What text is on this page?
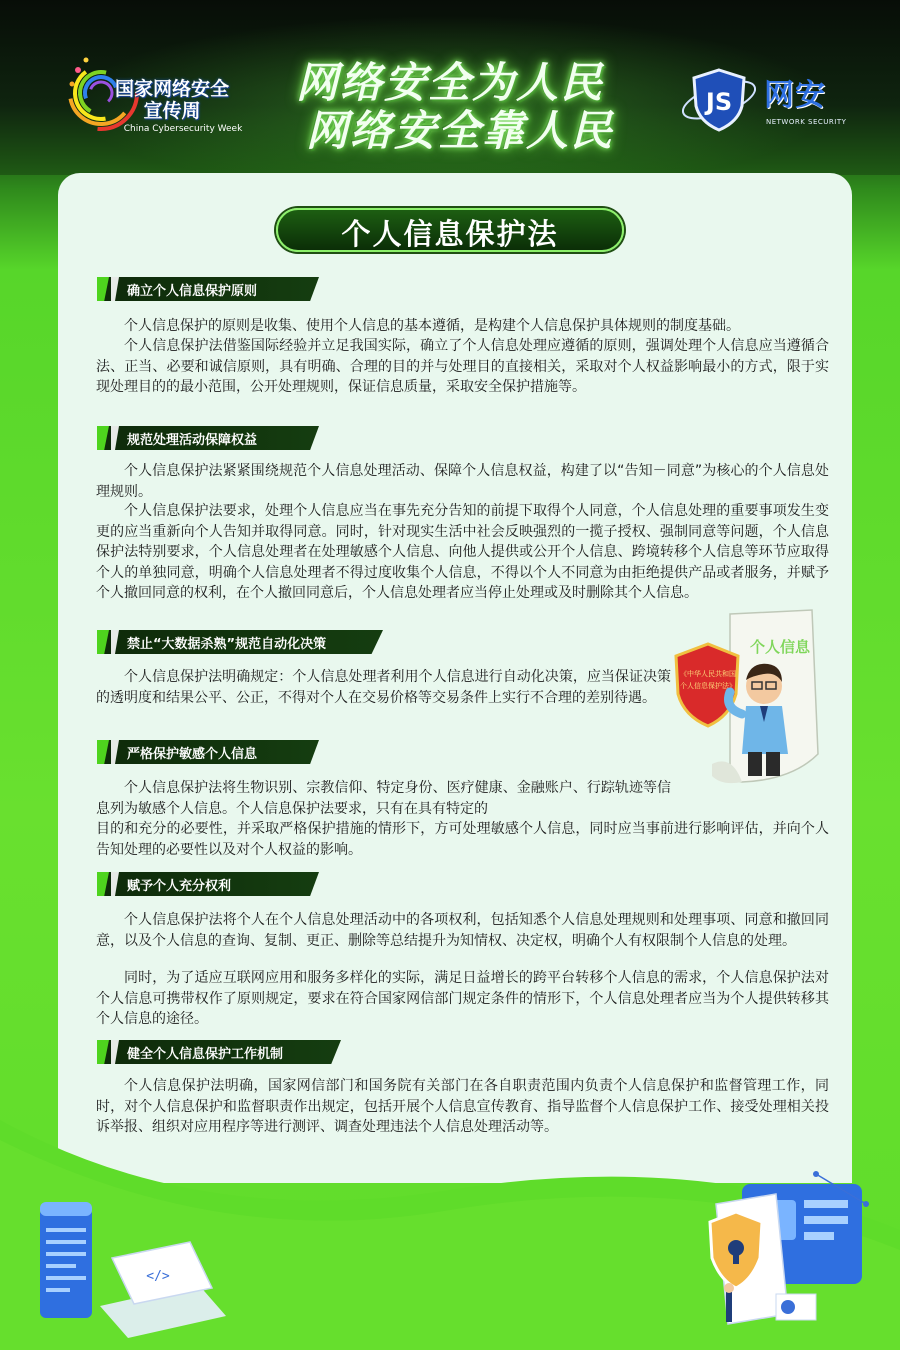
国家网络安全
宣传周
China Cybersecurity Week
网络安全为人民
网络安全靠人民
JS 网安
NETWORK SECURITY
个人信息保护法
确立个人信息保护原则
个人信息保护的原则是收集、使用个人信息的基本遵循，是构建个人信息保护具体规则的制度基础。
个人信息保护法借鉴国际经验并立足我国实际，确立了个人信息处理应遵循的原则，强调处理个人信息应当遵循合法、正当、必要和诚信原则，具有明确、合理的目的并与处理目的直接相关，采取对个人权益影响最小的方式，限于实现处理目的的最小范围，公开处理规则，保证信息质量，采取安全保护措施等。
规范处理活动保障权益
个人信息保护法紧紧围绕规范个人信息处理活动、保障个人信息权益，构建了以“告知－同意”为核心的个人信息处理规则。
个人信息保护法要求，处理个人信息应当在事先充分告知的前提下取得个人同意，个人信息处理的重要事项发生变更的应当重新向个人告知并取得同意。同时，针对现实生活中社会反映强烈的一揽子授权、强制同意等问题，个人信息保护法特别要求，个人信息处理者在处理敏感个人信息、向他人提供或公开个人信息、跨境转移个人信息等环节应取得个人的单独同意，明确个人信息处理者不得过度收集个人信息，不得以个人不同意为由拒绝提供产品或者服务，并赋予个人撤回同意的权利，在个人撤回同意后，个人信息处理者应当停止处理或及时删除其个人信息。
禁止“大数据杀熟”规范自动化决策
个人信息保护法明确规定：个人信息处理者利用个人信息进行自动化决策，应当保证决策的透明度和结果公平、公正，不得对个人在交易价格等交易条件上实行不合理的差别待遇。
严格保护敏感个人信息
个人信息保护法将生物识别、宗教信仰、特定身份、医疗健康、金融账户、行踪轨迹等信息列为敏感个人信息。个人信息保护法要求，只有在具有特定的
目的和充分的必要性，并采取严格保护措施的情形下，方可处理敏感个人信息，同时应当事前进行影响评估，并向个人告知处理的必要性以及对个人权益的影响。
赋予个人充分权利
个人信息保护法将个人在个人信息处理活动中的各项权利，包括知悉个人信息处理规则和处理事项、同意和撤回同意，以及个人信息的查询、复制、更正、删除等总结提升为知情权、决定权，明确个人有权限制个人信息的处理。
同时，为了适应互联网应用和服务多样化的实际，满足日益增长的跨平台转移个人信息的需求，个人信息保护法对个人信息可携带权作了原则规定，要求在符合国家网信部门规定条件的情形下，个人信息处理者应当为个人提供转移其个人信息的途径。
健全个人信息保护工作机制
个人信息保护法明确，国家网信部门和国务院有关部门在各自职责范围内负责个人信息保护和监督管理工作，同时，对个人信息保护和监督职责作出规定，包括开展个人信息宣传教育、指导监督个人信息保护工作、接受处理相关投诉举报、组织对应用程序等进行测评、调查处理违法个人信息处理活动等。
个人信息
《中华人民共和国
个人信息保护法》
</>
